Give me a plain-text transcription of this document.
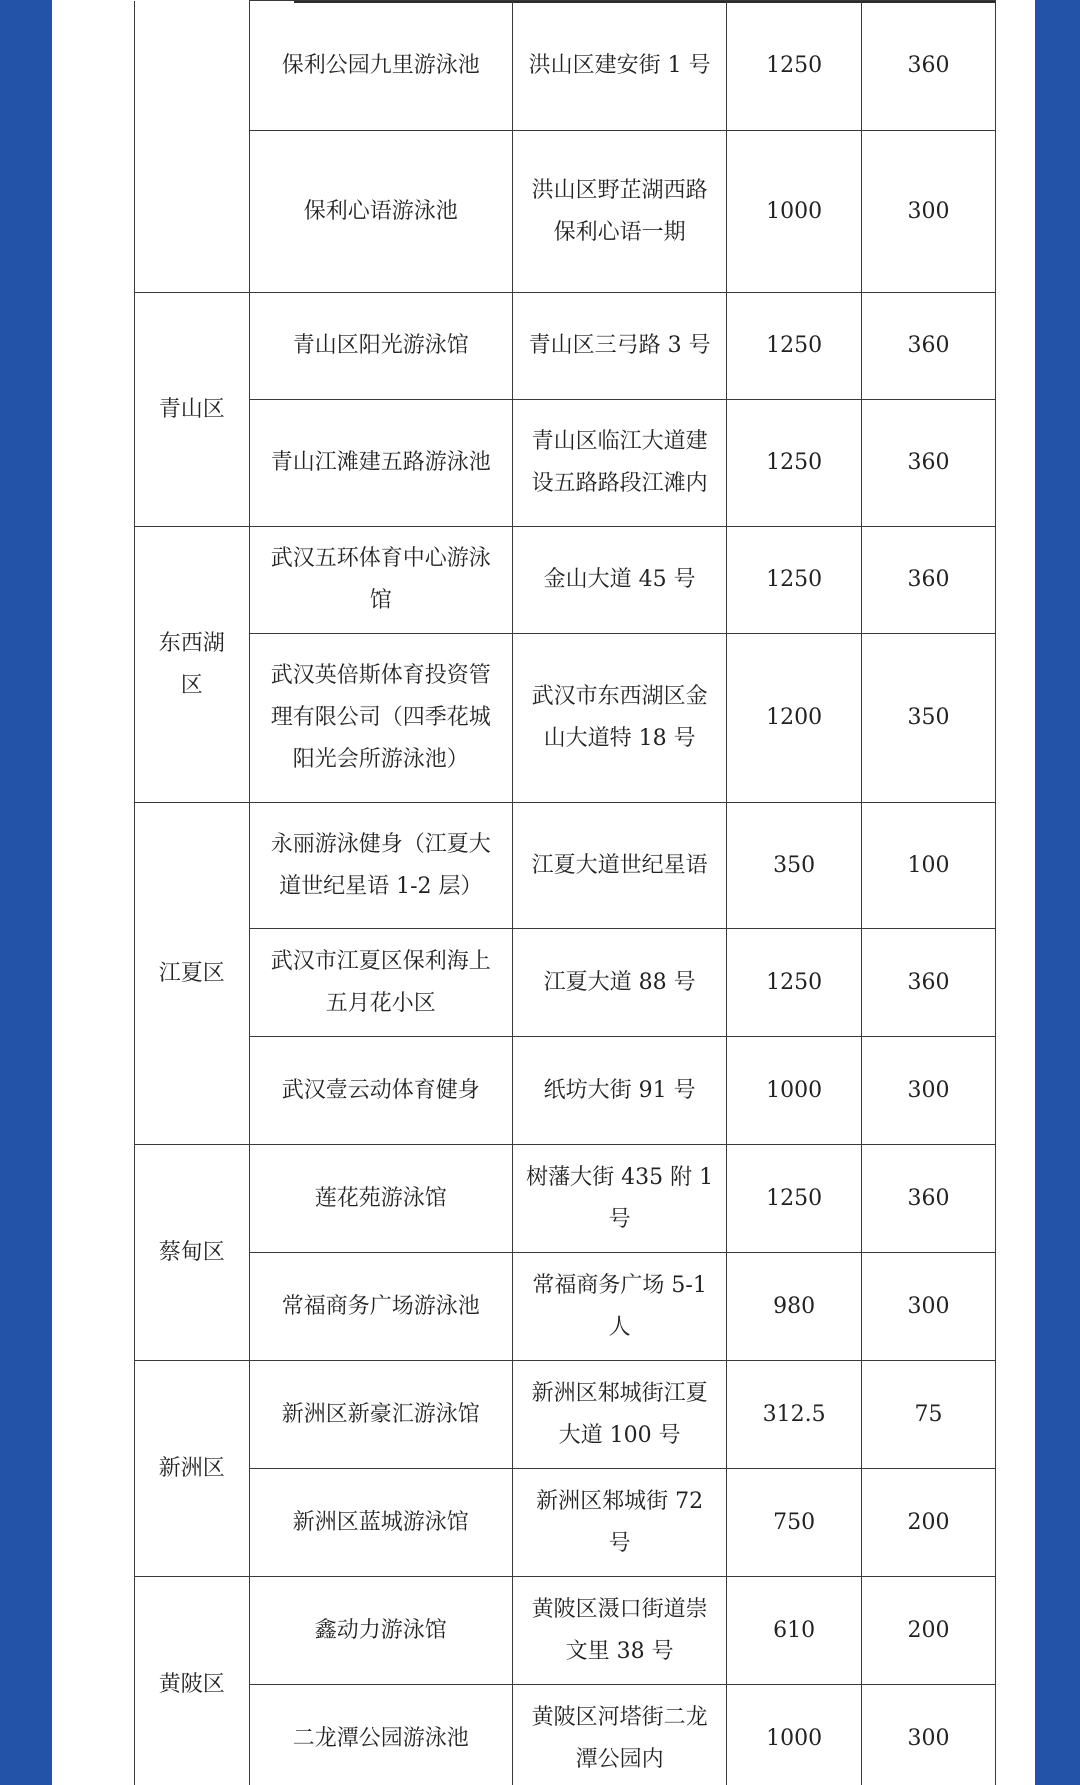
	保利公园九里游泳池	洪山区建安街 1 号	1250	360
	保利心语游泳池	洪山区野芷湖西路保利心语一期	1000	300
青山区	青山区阳光游泳馆	青山区三弓路 3 号	1250	360
	青山江滩建五路游泳池	青山区临江大道建设五路路段江滩内	1250	360
东西湖区	武汉五环体育中心游泳馆	金山大道 45 号	1250	360
	武汉英倍斯体育投资管理有限公司（四季花城阳光会所游泳池）	武汉市东西湖区金山大道特 18 号	1200	350
江夏区	永丽游泳健身（江夏大道世纪星语 1-2 层）	江夏大道世纪星语	350	100
	武汉市江夏区保利海上五月花小区	江夏大道 88 号	1250	360
	武汉壹云动体育健身	纸坊大街 91 号	1000	300
蔡甸区	莲花苑游泳馆	树藩大街 435 附 1 号	1250	360
	常福商务广场游泳池	常福商务广场 5-1 人	980	300
新洲区	新洲区新豪汇游泳馆	新洲区邾城街江夏大道 100 号	312.5	75
	新洲区蓝城游泳馆	新洲区邾城街 72 号	750	200
黄陂区	鑫动力游泳馆	黄陂区滠口街道崇文里 38 号	610	200
	二龙潭公园游泳池	黄陂区河塔街二龙潭公园内	1000	300
